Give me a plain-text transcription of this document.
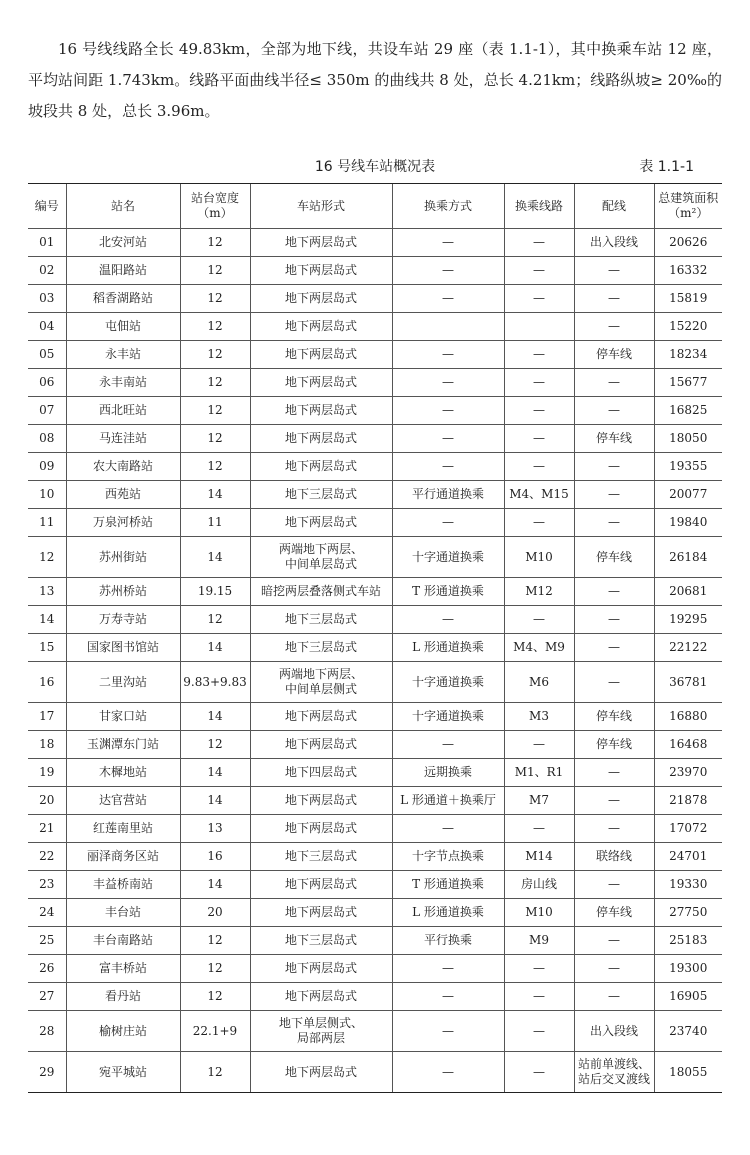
16 号线线路全长 49.83km，全部为地下线，共设车站 29 座（表 1.1-1），其中换乘车站 12 座，平均站间距 1.743km。线路平面曲线半径≤ 350m 的曲线共 8 处，总长 4.21km；线路纵坡≥ 20‰的坡段共 8 处，总长 3.96m。

16 号线车站概况表	表 1.1-1
编号	站名	站台宽度（m）	车站形式	换乘方式	换乘线路	配线	总建筑面积（m²）
01	北安河站	12	地下两层岛式	—	—	出入段线	20626
02	温阳路站	12	地下两层岛式	—	—	—	16332
03	稻香湖路站	12	地下两层岛式	—	—	—	15819
04	屯佃站	12	地下两层岛式			—	15220
05	永丰站	12	地下两层岛式	—	—	停车线	18234
06	永丰南站	12	地下两层岛式	—	—	—	15677
07	西北旺站	12	地下两层岛式	—	—	—	16825
08	马连洼站	12	地下两层岛式	—	—	停车线	18050
09	农大南路站	12	地下两层岛式	—	—	—	19355
10	西苑站	14	地下三层岛式	平行通道换乘	M4、M15	—	20077
11	万泉河桥站	11	地下两层岛式	—	—	—	19840
12	苏州街站	14	两端地下两层、
中间单层岛式	十字通道换乘	M10	停车线	26184
13	苏州桥站	19.15	暗挖两层叠落侧式车站	T 形通道换乘	M12	—	20681
14	万寿寺站	12	地下三层岛式	—	—	—	19295
15	国家图书馆站	14	地下三层岛式	L 形通道换乘	M4、M9	—	22122
16	二里沟站	9.83+9.83	两端地下两层、
中间单层侧式	十字通道换乘	M6	—	36781
17	甘家口站	14	地下两层岛式	十字通道换乘	M3	停车线	16880
18	玉渊潭东门站	12	地下两层岛式	—	—	停车线	16468
19	木樨地站	14	地下四层岛式	远期换乘	M1、R1	—	23970
20	达官营站	14	地下两层岛式	L 形通道＋换乘厅	M7	—	21878
21	红莲南里站	13	地下两层岛式	—	—	—	17072
22	丽泽商务区站	16	地下三层岛式	十字节点换乘	M14	联络线	24701
23	丰益桥南站	14	地下两层岛式	T 形通道换乘	房山线	—	19330
24	丰台站	20	地下两层岛式	L 形通道换乘	M10	停车线	27750
25	丰台南路站	12	地下三层岛式	平行换乘	M9	—	25183
26	富丰桥站	12	地下两层岛式	—	—	—	19300
27	看丹站	12	地下两层岛式	—	—	—	16905
28	榆树庄站	22.1+9	地下单层侧式、
局部两层	—	—	出入段线	23740
29	宛平城站	12	地下两层岛式	—	—	站前单渡线、
站后交叉渡线	18055
